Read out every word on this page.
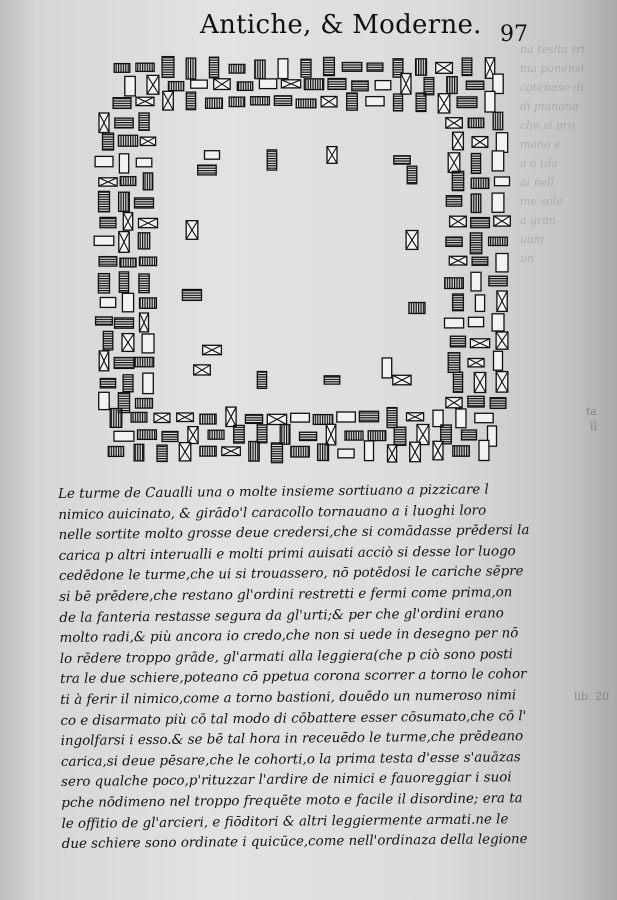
na tesita tri
ma ponensi
cotenaso di
di pianona
che si pro
mano e
a o (da
ai nell
ine sole
a gran
uani
un
Antiche, & Moderne. 97
ta
ll
lib. 20
Le turme de Caualli una o molte insieme sortiuano a pizzicare l
nimico auicinato, & girādo'l caracollo tornauano a i luoghi loro
nelle sortite molto grosse deue credersi,che si comādasse prēdersi la
carica p altri interualli e molti primi auisati acciò si desse lor luogo
cedēdone le turme,che ui si trouassero, nō potēdosi le cariche sēpre
si bē prēdere,che restano gl'ordini restretti e fermi come prima,on
de la fanteria restasse segura da gl'urti;& per che gl'ordini erano
molto radi,& più ancora io credo,che non si uede in desegno per nō
lo rēdere troppo grāde, gl'armati alla leggiera(che p ciò sono posti
tra le due schiere,poteano cō ppetua corona scorrer a torno le cohor
ti à ferir il nimico,come a torno bastioni, douēdo un numeroso nimi
co e disarmato più cō tal modo di cōbattere esser cōsumato,che cō l'
ingolfarsi i esso.& se bē tal hora in receuēdo le turme,che prēdeano
carica,si deue pēsare,che le cohorti,o la prima testa d'esse s'auāzas
sero qualche poco,p'rituzzar l'ardire de nimici e fauoreggiar i suoi
pche nōdimeno nel troppo frequēte moto e facile il disordine; era ta
le offitio de gl'arcieri, e fiōditori & altri leggiermente armati.ne le
due schiere sono ordinate i quicūce,come nell'ordinaza della legione
